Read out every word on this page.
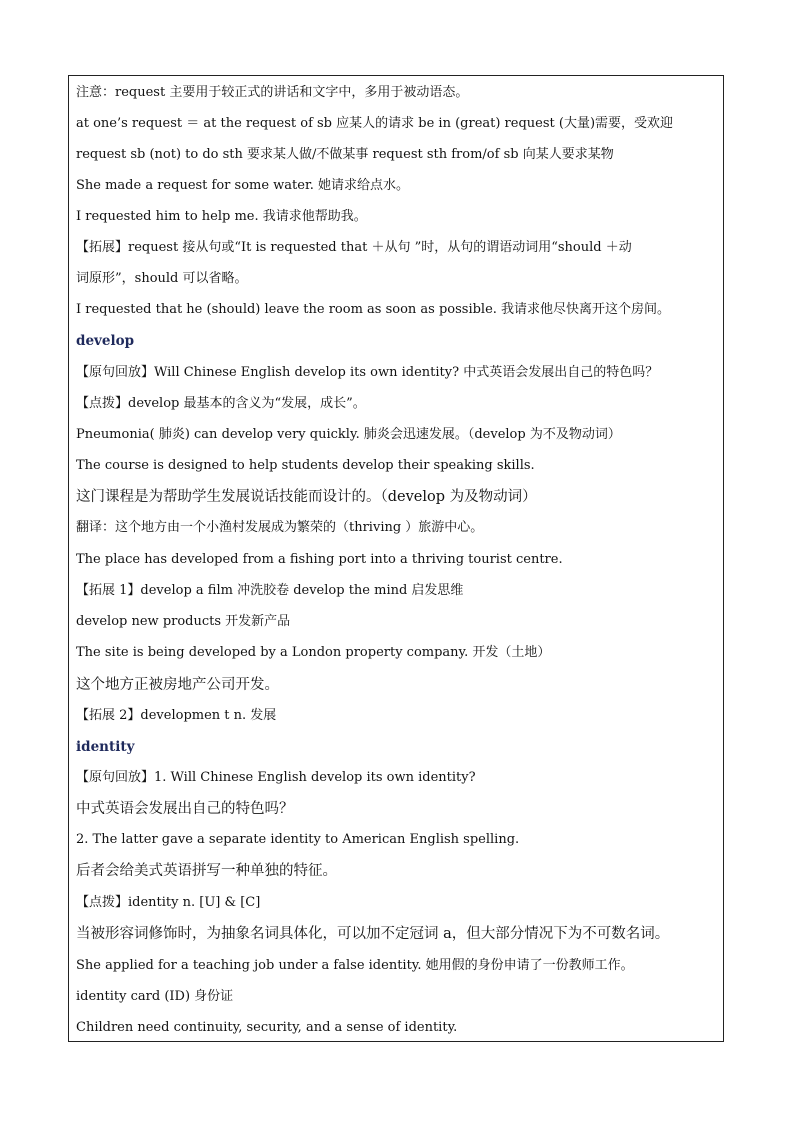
注意：request 主要用于较正式的讲话和文字中，多用于被动语态。
at one’s request ＝ at the request of sb 应某人的请求 be in (great) request (大量)需要，受欢迎
request sb (not) to do sth 要求某人做/不做某事 request sth from/of sb 向某人要求某物
She made a request for some water. 她请求给点水。
I requested him to help me. 我请求他帮助我。
【拓展】request 接从句或“It is requested that ＋从句 ”时，从句的谓语动词用“should ＋动
词原形”，should 可以省略。
I requested that he (should) leave the room as soon as possible. 我请求他尽快离开这个房间。
develop
【原句回放】Will Chinese English develop its own identity? 中式英语会发展出自己的特色吗？
【点拨】develop 最基本的含义为“发展，成长”。
Pneumonia( 肺炎) can develop very quickly. 肺炎会迅速发展。（develop 为不及物动词）
The course is designed to help students develop their speaking skills.
这门课程是为帮助学生发展说话技能而设计的。（develop 为及物动词）
翻译：这个地方由一个小渔村发展成为繁荣的（thriving ）旅游中心。
The place has developed from a fishing port into a thriving tourist centre.
【拓展 1】develop a film 冲洗胶卷 develop the mind 启发思维
develop new products 开发新产品
The site is being developed by a London property company. 开发（土地）
这个地方正被房地产公司开发。
【拓展 2】developmen t n. 发展
identity
【原句回放】1. Will Chinese English develop its own identity?
中式英语会发展出自己的特色吗？
2. The latter gave a separate identity to American English spelling.
后者会给美式英语拼写一种单独的特征。
【点拨】identity n. [U] & [C]
当被形容词修饰时，为抽象名词具体化，可以加不定冠词 a，但大部分情况下为不可数名词。
She applied for a teaching job under a false identity. 她用假的身份申请了一份教师工作。
identity card (ID) 身份证
Children need continuity, security, and a sense of identity.
